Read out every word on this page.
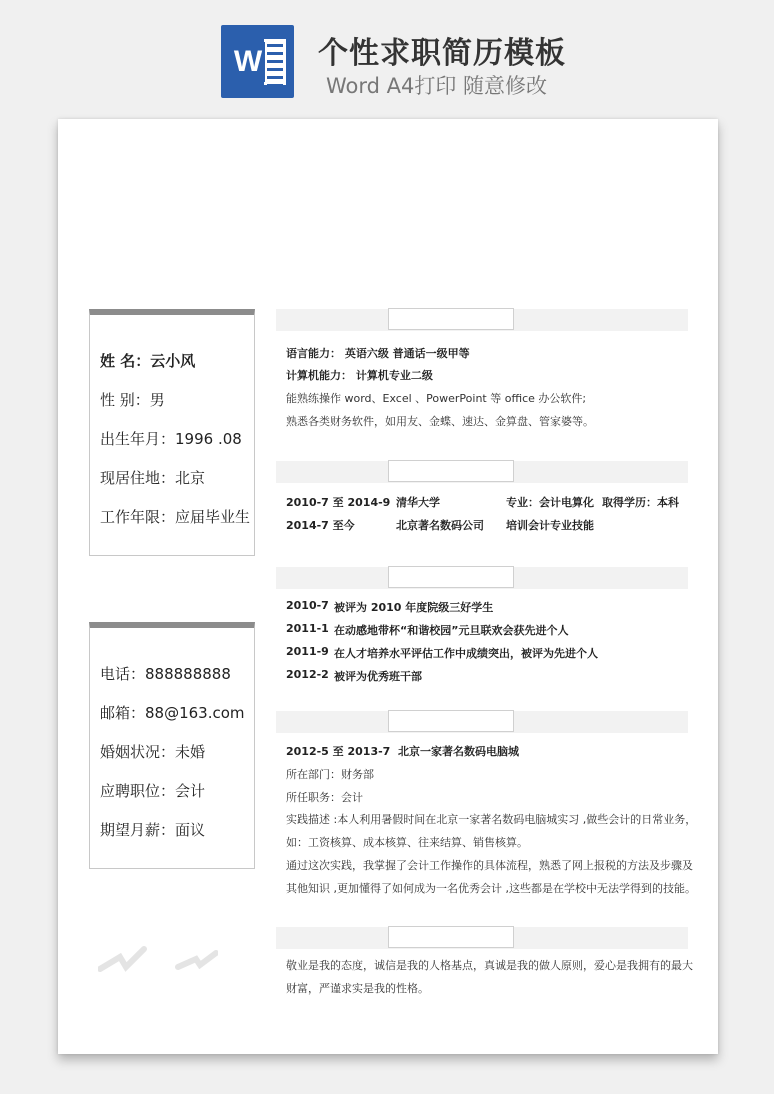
W 个性求职简历模板
Word A4打印 随意修改
姓 名：云小风
性 别：男
出生年月：1996 .08
现居住地：北京
工作年限：应届毕业生
电话：888888888
邮箱：88@163.com
婚姻状况：未婚
应聘职位：会计
期望月薪：面议
语言能力： 英语六级 普通话一级甲等
计算机能力： 计算机专业二级
能熟练操作 word、Excel 、PowerPoint 等 office 办公软件;
熟悉各类财务软件，如用友、金蝶、速达、金算盘、管家婆等。
2010-7 至 2014-9 清华大学	专业：会计电算化 取得学历：本科
2014-7 至今	北京著名数码公司 培训会计专业技能
2010-7 被评为 2010 年度院级三好学生
2011-1 在动感地带杯“和谐校园”元旦联欢会获先进个人
2011-9 在人才培养水平评估工作中成绩突出，被评为先进个人
2012-2 被评为优秀班干部
2012-5 至 2013-7 北京一家著名数码电脑城
所在部门：财务部
所任职务：会计
实践描述 :本人利用暑假时间在北京一家著名数码电脑城实习 ,做些会计的日常业务，
如：工资核算、成本核算、往来结算、销售核算。
通过这次实践，我掌握了会计工作操作的具体流程，熟悉了网上报税的方法及步骤及
其他知识 ,更加懂得了如何成为一名优秀会计 ,这些都是在学校中无法学得到的技能。
敬业是我的态度，诚信是我的人格基点，真诚是我的做人原则，爱心是我拥有的最大
财富，严谨求实是我的性格。
